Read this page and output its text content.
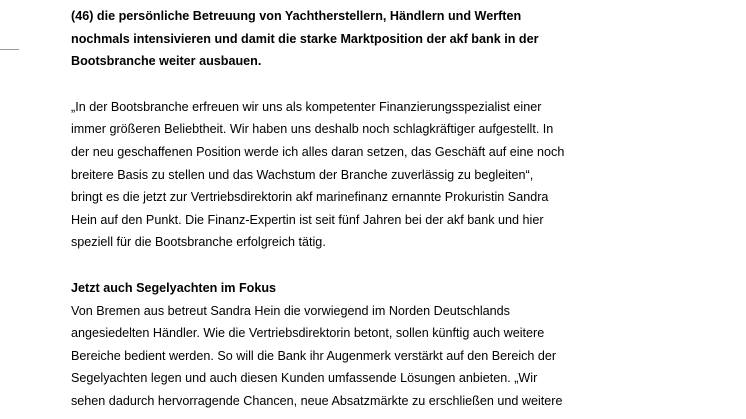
(46) die persönliche Betreuung von Yachtherstellern, Händlern und Werften
nochmals intensivieren und damit die starke Marktposition der akf bank in der
Bootsbranche weiter ausbauen.
„In der Bootsbranche erfreuen wir uns als kompetenter Finanzierungsspezialist einer
immer größeren Beliebtheit. Wir haben uns deshalb noch schlagkräftiger aufgestellt. In
der neu geschaffenen Position werde ich alles daran setzen, das Geschäft auf eine noch
breitere Basis zu stellen und das Wachstum der Branche zuverlässig zu begleiten“,
bringt es die jetzt zur Vertriebsdirektorin akf marinefinanz ernannte Prokuristin Sandra
Hein auf den Punkt. Die Finanz-Expertin ist seit fünf Jahren bei der akf bank und hier
speziell für die Bootsbranche erfolgreich tätig.
Jetzt auch Segelyachten im Fokus
Von Bremen aus betreut Sandra Hein die vorwiegend im Norden Deutschlands
angesiedelten Händler. Wie die Vertriebsdirektorin betont, sollen künftig auch weitere
Bereiche bedient werden. So will die Bank ihr Augenmerk verstärkt auf den Bereich der
Segelyachten legen und auch diesen Kunden umfassende Lösungen anbieten. „Wir
sehen dadurch hervorragende Chancen, neue Absatzmärkte zu erschließen und weitere
